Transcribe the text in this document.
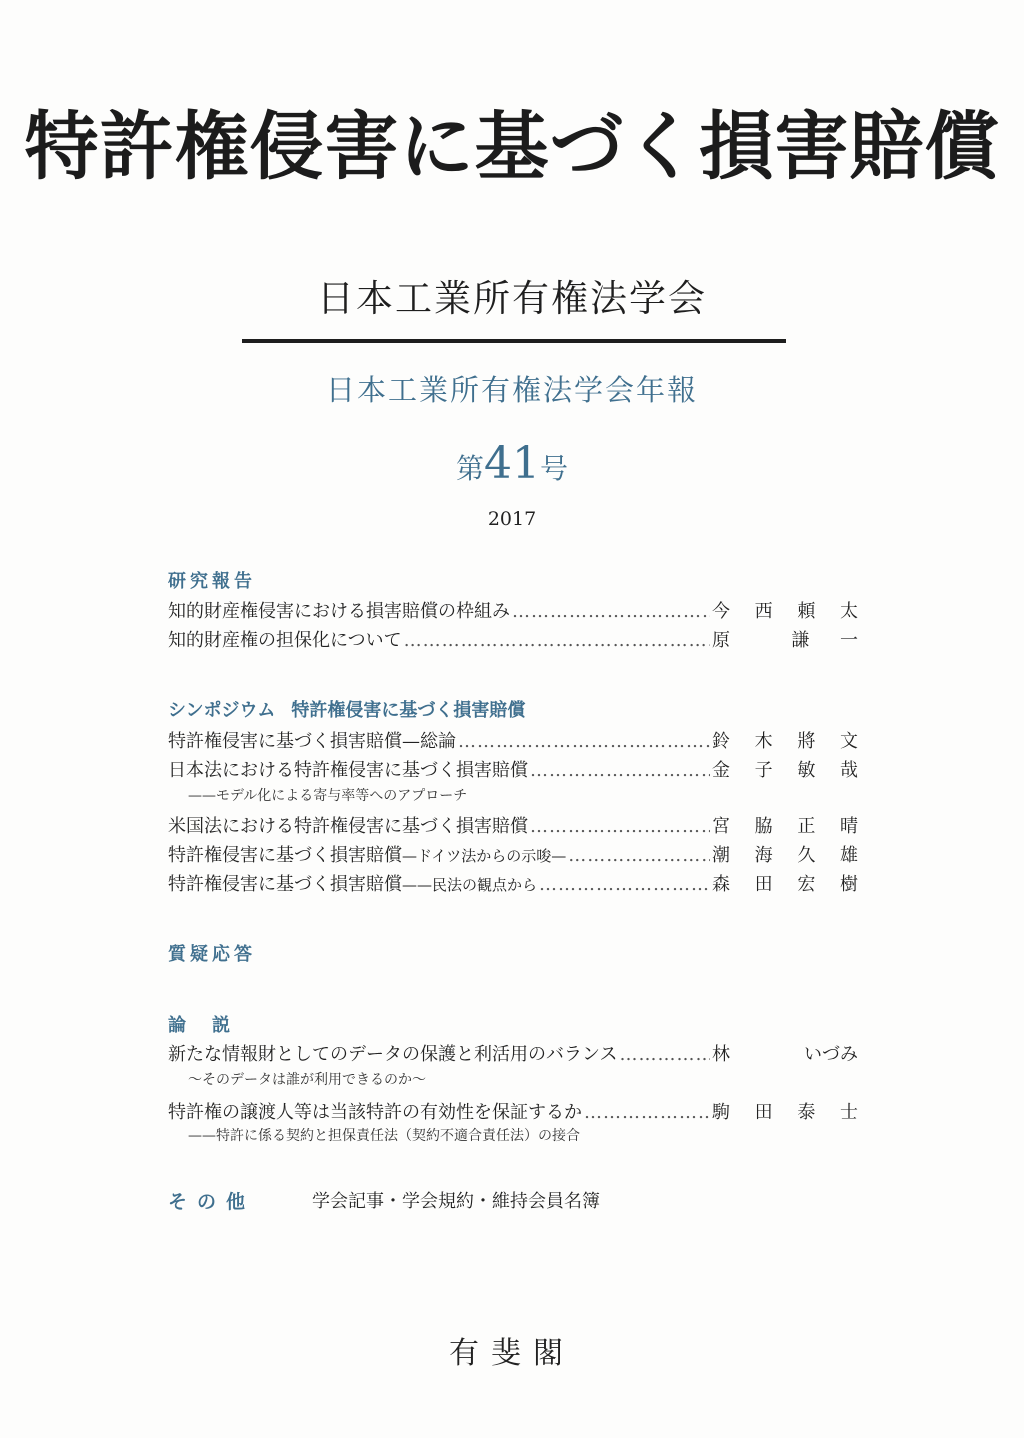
特許権侵害に基づく損害賠償
日本工業所有権法学会
日本工業所有権法学会年報
第41号
2017
研究報告
知的財産権侵害における損害賠償の枠組み ……………………………………………………………………………………………………………………………………………………	今 西 頼 太
知的財産権の担保化について ……………………………………………………………………………………………………………………………………………………	原	謙 一
シンポジウム 特許権侵害に基づく損害賠償
特許権侵害に基づく損害賠償—総論 ……………………………………………………………………………………………………………………………………………………	鈴 木 將 文
日本法における特許権侵害に基づく損害賠償 ……………………………………………………………………………………………………………………………………………………	金 子 敏 哉
——モデル化による寄与率等へのアプローチ
米国法における特許権侵害に基づく損害賠償 ……………………………………………………………………………………………………………………………………………………	宮 脇 正 晴
特許権侵害に基づく損害賠償—ドイツ法からの示唆— ……………………………………………………………………………………………………………………………………………………	潮 海 久 雄
特許権侵害に基づく損害賠償——民法の観点から ……………………………………………………………………………………………………………………………………………………	森 田 宏 樹
質疑応答
論　説
新たな情報財としてのデータの保護と利活用のバランス ……………………………………………………………………………………………………………………………………………………	林	いづみ
〜そのデータは誰が利用できるのか〜
特許権の譲渡人等は当該特許の有効性を保証するか ……………………………………………………………………………………………………………………………………………………	駒 田 泰 士
——特許に係る契約と担保責任法（契約不適合責任法）の接合
その他	学会記事・学会規約・維持会員名簿
有斐閣
